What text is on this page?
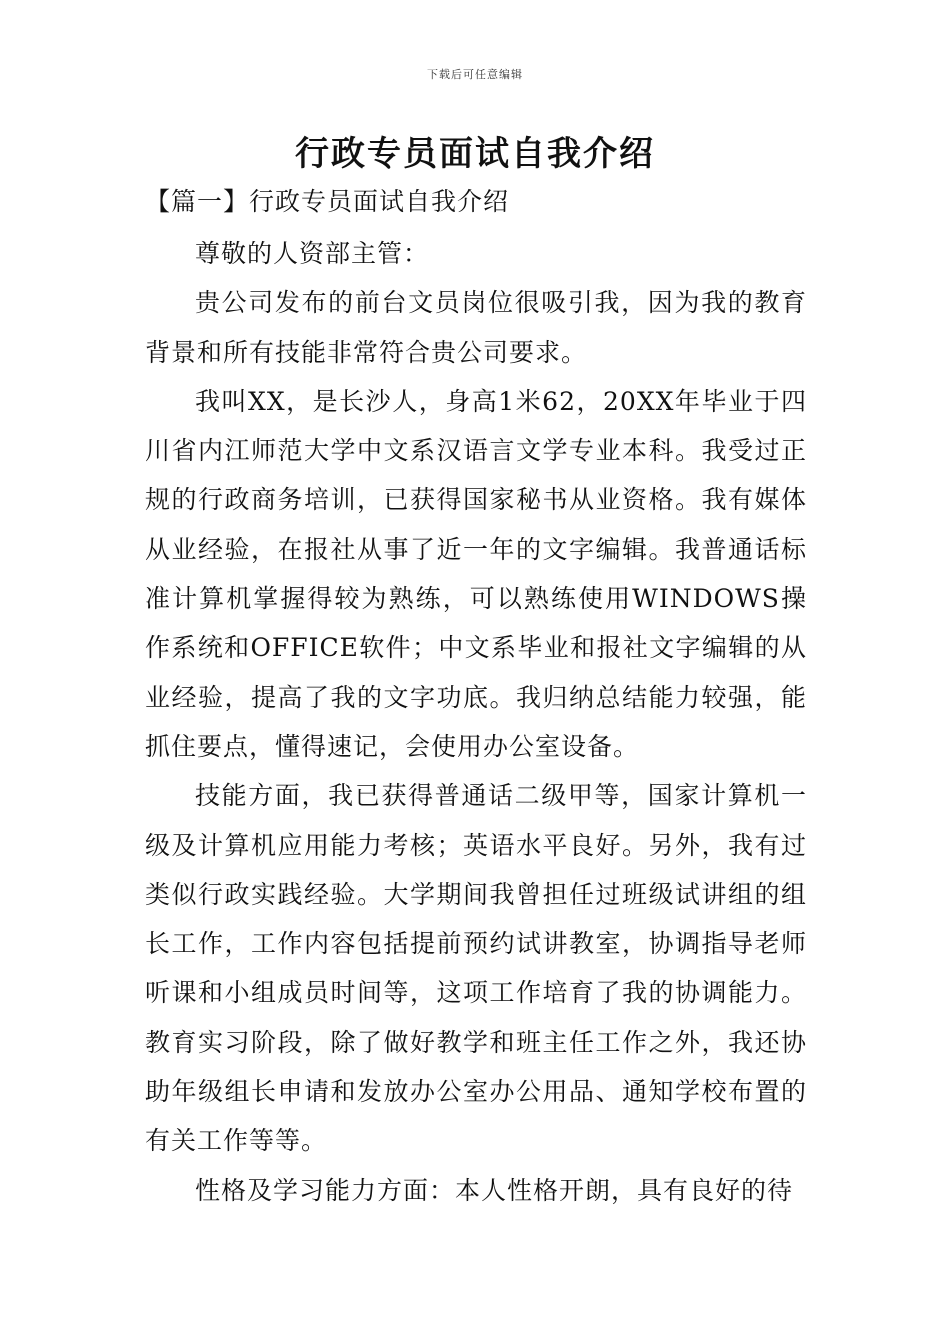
下载后可任意编辑
行政专员面试自我介绍
【篇一】行政专员面试自我介绍

尊敬的人资部主管：

贵公司发布的前台文员岗位很吸引我，因为我的教育背景和所有技能非常符合贵公司要求。

我叫XX，是长沙人，身高1米62，20XX年毕业于四川省内江师范大学中文系汉语言文学专业本科。我受过正规的行政商务培训，已获得国家秘书从业资格。我有媒体从业经验，在报社从事了近一年的文字编辑。我普通话标准计算机掌握得较为熟练，可以熟练使用WINDOWS操作系统和OFFICE软件；中文系毕业和报社文字编辑的从业经验，提高了我的文字功底。我归纳总结能力较强，能抓住要点，懂得速记，会使用办公室设备。

技能方面，我已获得普通话二级甲等，国家计算机一级及计算机应用能力考核；英语水平良好。另外，我有过类似行政实践经验。大学期间我曾担任过班级试讲组的组长工作，工作内容包括提前预约试讲教室，协调指导老师听课和小组成员时间等，这项工作培育了我的协调能力。教育实习阶段，除了做好教学和班主任工作之外，我还协助年级组长申请和发放办公室办公用品、通知学校布置的有关工作等等。

性格及学习能力方面：本人性格开朗，具有良好的待
